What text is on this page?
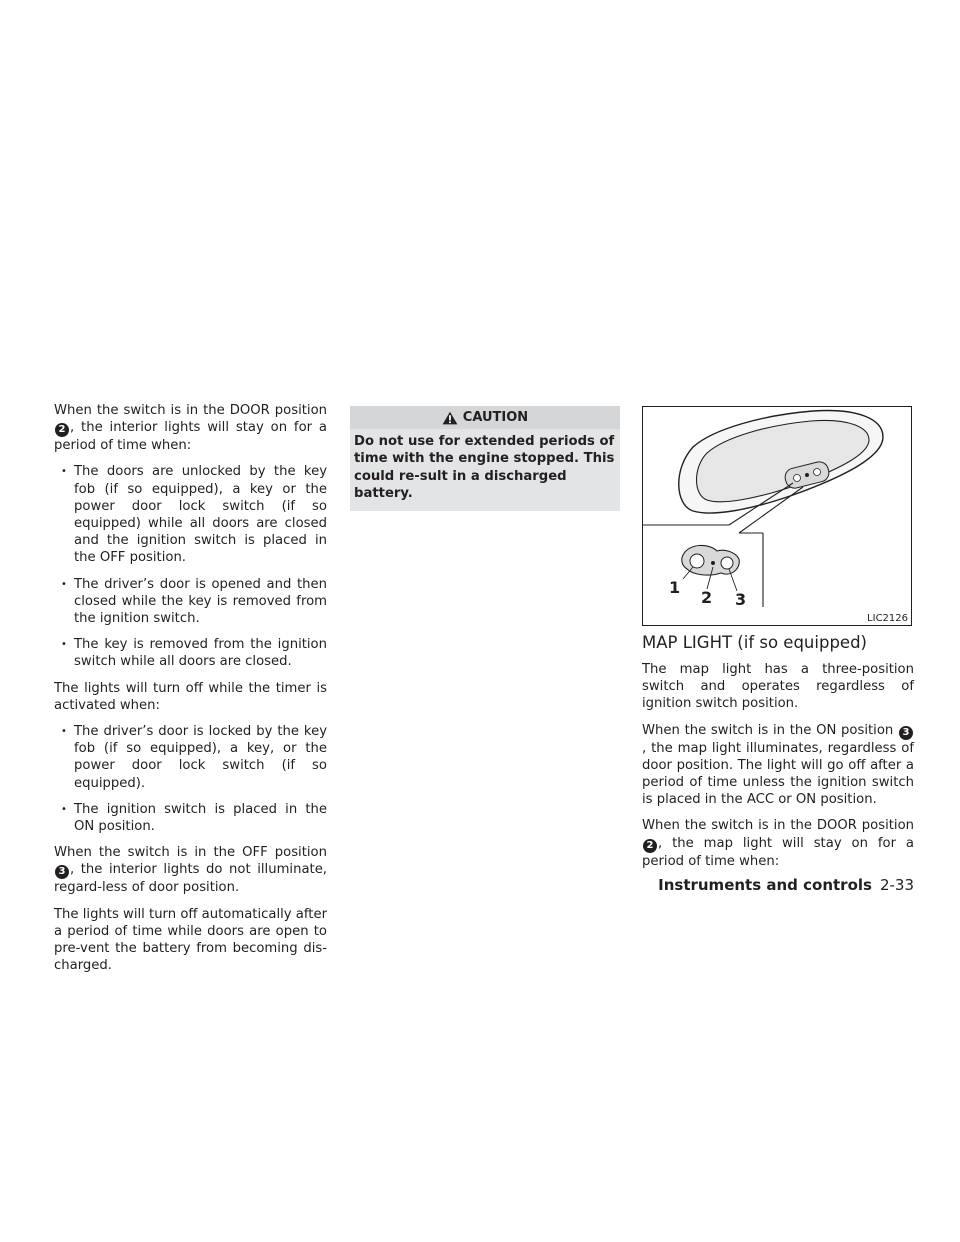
When the switch is in the DOOR position 2 , the interior lights will stay on for a period of time when:

• The doors are unlocked by the key fob (if so equipped), a key or the power door lock switch (if so equipped) while all doors are closed and the ignition switch is placed in the OFF position.
• The driver’s door is opened and then closed while the key is removed from the ignition switch.
• The key is removed from the ignition switch while all doors are closed.

The lights will turn off while the timer is activated when:

• The driver’s door is locked by the key fob (if so equipped), a key, or the power door lock switch (if so equipped).
• The ignition switch is placed in the ON position.

When the switch is in the OFF position 3 , the interior lights do not illuminate, regard-less of door position.

The lights will turn off automatically after a period of time while doors are open to pre-vent the battery from becoming dis-charged.

CAUTION
Do not use for extended periods of time with the engine stopped. This could re-sult in a discharged battery.
1
2 3
LIC2126
MAP LIGHT (if so equipped)

The map light has a three-position switch and operates regardless of ignition switch position.

When the switch is in the ON position 3, the map light illuminates, regardless of door position. The light will go off after a period of time unless the ignition switch is placed in the ACC or ON position.

When the switch is in the DOOR position 2 , the map light will stay on for a period of time when:

Instruments and controls 2-33
